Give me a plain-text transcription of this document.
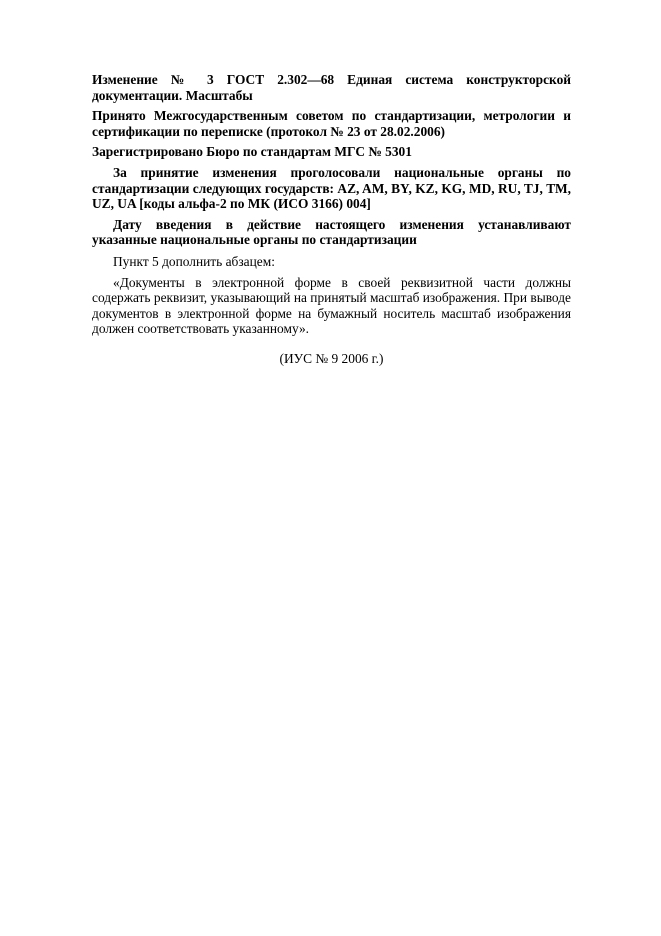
Изменение № 3 ГОСТ 2.302—68 Единая система конструкторской документации. Масштабы

Принято Межгосударственным советом по стандартизации, метрологии и сертификации по переписке (протокол № 23 от 28.02.2006)

Зарегистрировано Бюро по стандартам МГС № 5301

За принятие изменения проголосовали национальные органы по стандартизации следующих государств: AZ, AM, BY, KZ, KG, MD, RU, TJ, ТМ, UZ, UA [коды альфа-2 по МК (ИСО 3166) 004]

Дату введения в действие настоящего изменения устанавливают указанные национальные органы по стандартизации

Пункт 5 дополнить абзацем:

«Документы в электронной форме в своей реквизитной части должны содержать реквизит, указывающий на принятый масштаб изображения. При выводе документов в электронной форме на бумажный носитель масштаб изображения должен соответствовать указанному».

(ИУС № 9 2006 г.)
